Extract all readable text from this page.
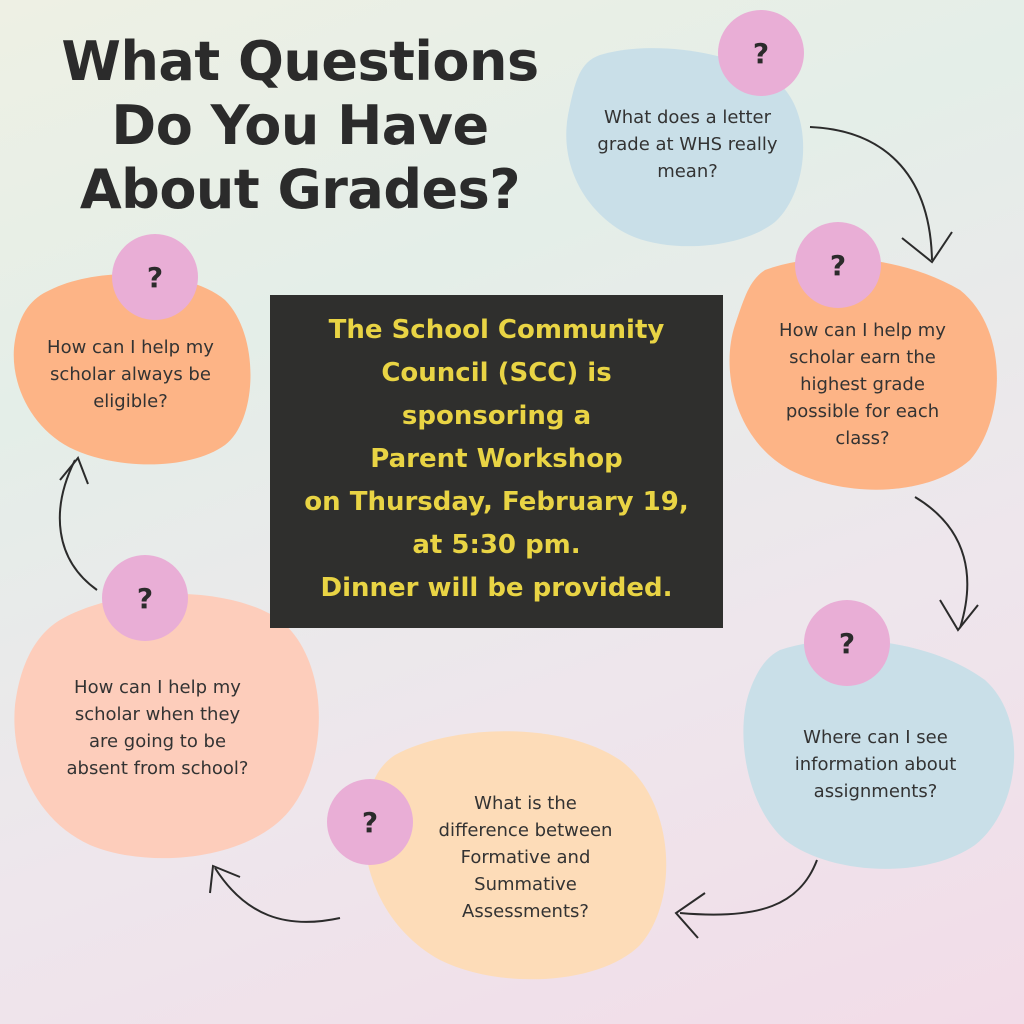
What Questions
Do You Have
About Grades?
?
?
?
?
?
?
What does a letter
grade at WHS really
mean?
How can I help my
scholar earn the
highest grade
possible for each
class?
Where can I see
information about
assignments?
What is the
difference between
Formative and
Summative
Assessments?
How can I help my
scholar when they
are going to be
absent from school?
How can I help my
scholar always be
eligible?
The School Community
Council (SCC) is
sponsoring a
Parent Workshop
on Thursday, February 19,
at 5:30 pm.
Dinner will be provided.
